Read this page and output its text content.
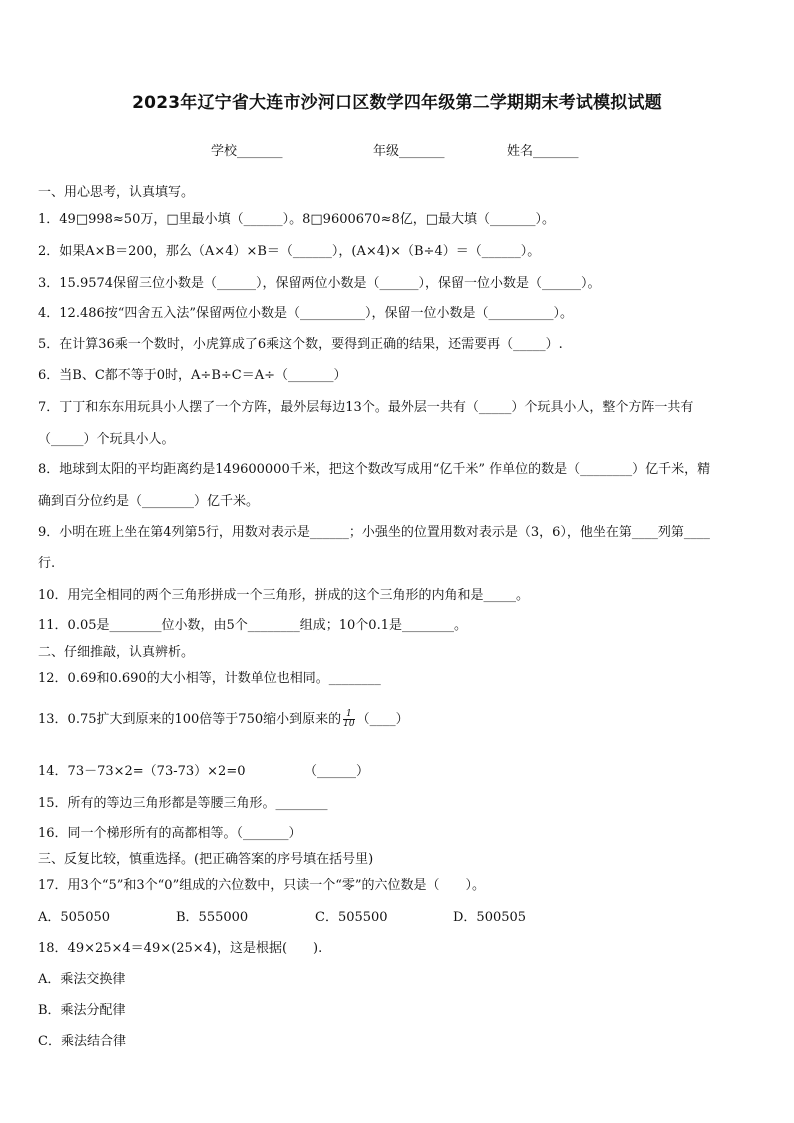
2023年辽宁省大连市沙河口区数学四年级第二学期期末考试模拟试题
学校_______	年级_______	姓名_______
一、用心思考，认真填写。
1．49□998≈50万，□里最小填（______）。8□9600670≈8亿，□最大填（_______）。
2．如果A×B＝200，那么（A×4）×B＝（______），(A×4)×（B÷4）＝（______）。
3．15.9574保留三位小数是（______），保留两位小数是（______），保留一位小数是（______）。
4．12.486按“四舍五入法”保留两位小数是（__________），保留一位小数是（__________）。
5．在计算36乘一个数时，小虎算成了6乘这个数，要得到正确的结果，还需要再（_____）.
6．当B、C都不等于0时，A÷B÷C＝A÷（_______）
7．丁丁和东东用玩具小人摆了一个方阵，最外层每边13个。最外层一共有（_____）个玩具小人，整个方阵一共有
（_____）个玩具小人。
8．地球到太阳的平均距离约是149600000千米，把这个数改写成用“亿千米” 作单位的数是（________）亿千米，精
确到百分位约是（________）亿千米。
9．小明在班上坐在第4列第5行，用数对表示是______；小强坐的位置用数对表示是（3，6），他坐在第____列第____
行.
10．用完全相同的两个三角形拼成一个三角形，拼成的这个三角形的内角和是_____。
11．0.05是________位小数，由5个________组成；10个0.1是________。
二、仔细推敲，认真辨析。
12．0.69和0.690的大小相等，计数单位也相同。________
13．0.75扩大到原来的100倍等于750缩小到原来的 $\frac{1}{10}$ （____）
14．73－73×2=（73-73）×2=0　　　　　（______）
15．所有的等边三角形都是等腰三角形。________
16．同一个梯形所有的高都相等。（_______）
三、反复比较，慎重选择。(把正确答案的序号填在括号里)
17．用3个“5”和3个“0”组成的六位数中，只读一个“零”的六位数是（　　）。
A．505050	B．555000	C．505500	D．500505
18．49×25×4＝49×(25×4)，这是根据(　　).
A．乘法交换律
B．乘法分配律
C．乘法结合律
